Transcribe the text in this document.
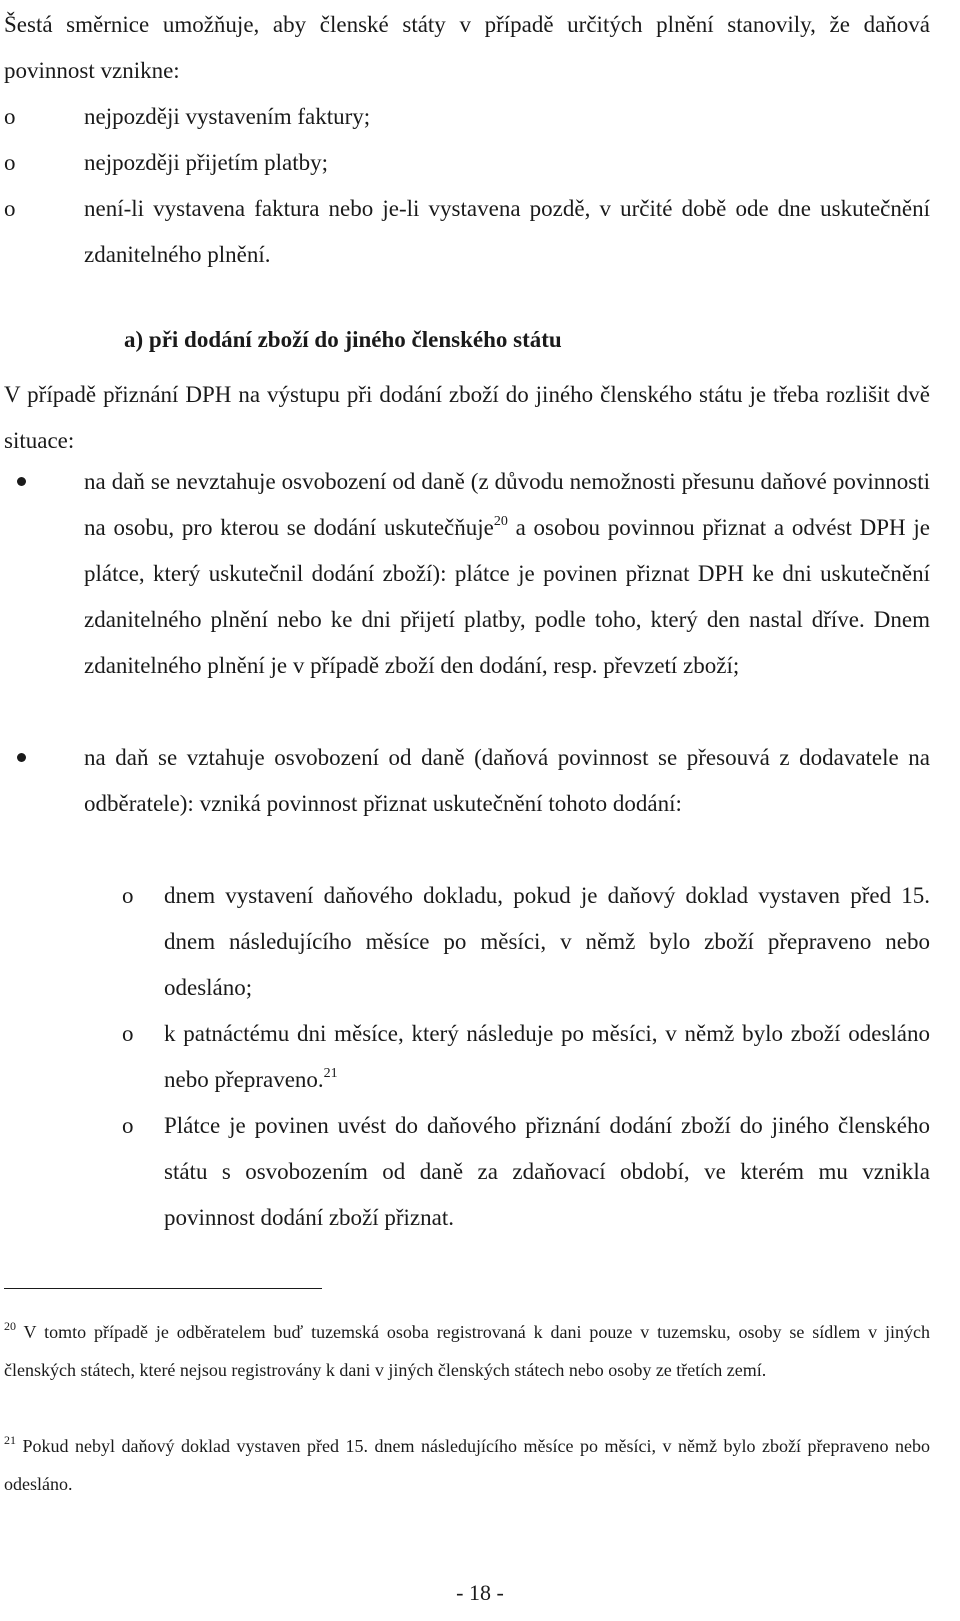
Šestá směrnice umožňuje, aby členské státy v případě určitých plnění stanovily, že daňová povinnost vznikne:
o	nejpozději vystavením faktury;
o	nejpozději přijetím platby;
o	není-li vystavena faktura nebo je-li vystavena pozdě, v určité době ode dne uskutečnění zdanitelného plnění.
a) při dodání zboží do jiného členského státu
V případě přiznání DPH na výstupu při dodání zboží do jiného členského státu je třeba rozlišit dvě situace:
na daň se nevztahuje osvobození od daně (z důvodu nemožnosti přesunu daňové povinnosti na osobu, pro kterou se dodání uskutečňuje$^{20}$ a osobou povinnou přiznat a odvést DPH je plátce, který uskutečnil dodání zboží): plátce je povinen přiznat DPH ke dni uskutečnění zdanitelného plnění nebo ke dni přijetí platby, podle toho, který den nastal dříve. Dnem zdanitelného plnění je v případě zboží den dodání, resp. převzetí zboží;
na daň se vztahuje osvobození od daně (daňová povinnost se přesouvá z dodavatele na odběratele): vzniká povinnost přiznat uskutečnění tohoto dodání:
o dnem vystavení daňového dokladu, pokud je daňový doklad vystaven před 15. dnem následujícího měsíce po měsíci, v němž bylo zboží přepraveno nebo odesláno;
o k patnáctému dni měsíce, který následuje po měsíci, v němž bylo zboží odesláno nebo přepraveno.$^{21}$
o Plátce je povinen uvést do daňového přiznání dodání zboží do jiného členského státu s osvobozením od daně za zdaňovací období, ve kterém mu vznikla povinnost dodání zboží přiznat.
$^{20}$ V tomto případě je odběratelem buď tuzemská osoba registrovaná k dani pouze v tuzemsku, osoby se sídlem v jiných členských státech, které nejsou registrovány k dani v jiných členských státech nebo osoby ze třetích zemí.
$^{21}$ Pokud nebyl daňový doklad vystaven před 15. dnem následujícího měsíce po měsíci, v němž bylo zboží přepraveno nebo odesláno.
- 18 -
